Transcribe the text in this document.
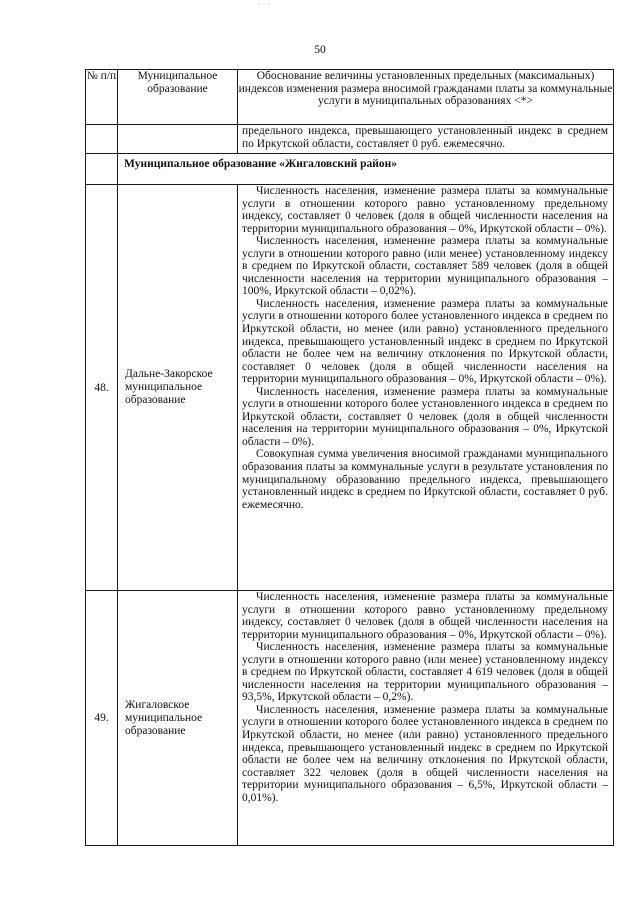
· · ·
50
№ п/п	Муниципальное образование	Обоснование величины установленных предельных (максимальных) индексов изменения размера вносимой гражданами платы за коммунальные услуги в муниципальных образованиях <*>

		предельного индекса, превышающего установленный индекс в среднем по Иркутской области, составляет 0 руб. ежемесячно.

	Муниципальное образование «Жигаловский район»	
48.	Дальне-Закорское муниципальное образование	Численность населения, изменение размера платы за коммунальные услуги в отношении которого равно установленному предельному индексу, составляет 0 человек (доля в общей численности населения на территории муниципального образования – 0%, Иркутской области – 0%).

Численность населения, изменение размера платы за коммунальные услуги в отношении которого равно (или менее) установленному индексу в среднем по Иркутской области, составляет 589 человек (доля в общей численности населения на территории муниципального образования – 100%, Иркутской области – 0,02%).

Численность населения, изменение размера платы за коммунальные услуги в отношении которого более установленного индекса в среднем по Иркутской области, но менее (или равно) установленного предельного индекса, превышающего установленный индекс в среднем по Иркутской области не более чем на величину отклонения по Иркутской области, составляет 0 человек (доля в общей численности населения на территории муниципального образования – 0%, Иркутской области – 0%).

Численность населения, изменение размера платы за коммунальные услуги в отношении которого более установленного индекса в среднем по Иркутской области, составляет 0 человек (доля в общей численности населения на территории муниципального образования – 0%, Иркутской области – 0%).

Совокупная сумма увеличения вносимой гражданами муниципального образования платы за коммунальные услуги в результате установления по муниципальному образованию предельного индекса, превышающего установленный индекс в среднем по Иркутской области, составляет 0 руб. ежемесячно.

49.	Жигаловское муниципальное образование	Численность населения, изменение размера платы за коммунальные услуги в отношении которого равно установленному предельному индексу, составляет 0 человек (доля в общей численности населения на территории муниципального образования – 0%, Иркутской области – 0%).

Численность населения, изменение размера платы за коммунальные услуги в отношении которого равно (или менее) установленному индексу в среднем по Иркутской области, составляет 4 619 человек (доля в общей численности населения на территории муниципального образования – 93,5%, Иркутской области – 0,2%).

Численность населения, изменение размера платы за коммунальные услуги в отношении которого более установленного индекса в среднем по Иркутской области, но менее (или равно) установленного предельного индекса, превышающего установленный индекс в среднем по Иркутской области не более чем на величину отклонения по Иркутской области, составляет 322 человек (доля в общей численности населения на территории муниципального образования – 6,5%, Иркутской области – 0,01%).
